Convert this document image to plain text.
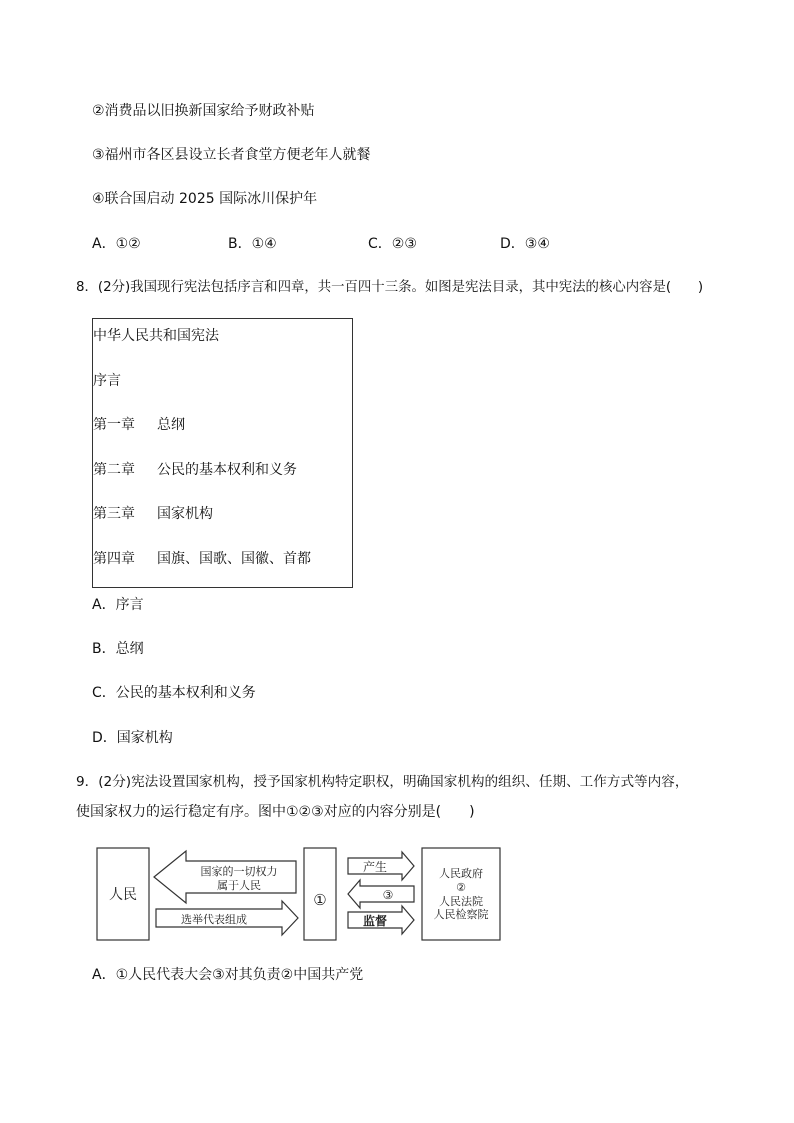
②消费品以旧换新国家给予财政补贴
③福州市各区县设立长者食堂方便老年人就餐
④联合国启动 2025 国际冰川保护年
A．①②	B．①④	C．②③	D．③④
8．(2分)我国现行宪法包括序言和四章，共一百四十三条。如图是宪法目录，其中宪法的核心内容是(　　)
中华人民共和国宪法
序言
第一章 总纲
第二章 公民的基本权利和义务
第三章 国家机构
第四章 国旗、国歌、国徽、首都
A．序言
B．总纲
C．公民的基本权利和义务
D．国家机构
9．(2分)宪法设置国家机构，授予国家机构特定职权，明确国家机构的组织、任期、工作方式等内容，
使国家权力的运行稳定有序。图中①②③对应的内容分别是(　　)
人民
国家的一切权力
属于人民
选举代表组成
①
产生
③
监督
人民政府
②
人民法院
人民检察院
A．①人民代表大会③对其负责②中国共产党
